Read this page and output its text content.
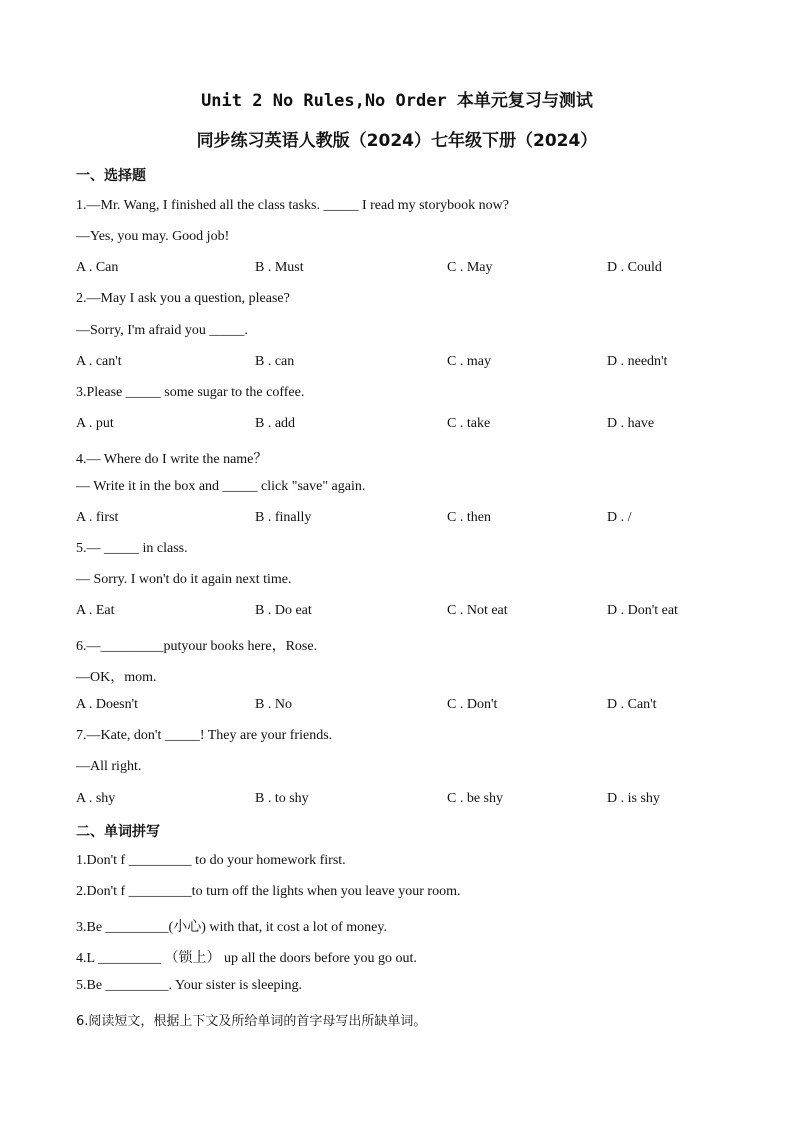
Unit 2 No Rules,No Order 本单元复习与测试
同步练习英语人教版（2024）七年级下册（2024）
一、选择题
1.—Mr. Wang, I finished all the class tasks. _____ I read my storybook now?
—Yes, you may. Good job!
A . Can	B . Must	C . May	D . Could
2.—May I ask you a question, please?
—Sorry, I'm afraid you _____.
A . can't	B . can	C . may	D . needn't
3.Please _____ some sugar to the coffee.
A . put	B . add	C . take	D . have
4.— Where do I write the name？
— Write it in the box and _____ click "save" again.
A . first	B . finally	C . then	D . /
5.— _____ in class.
— Sorry. I won't do it again next time.
A . Eat	B . Do eat	C . Not eat	D . Don't eat
6.—_________putyour books here，Rose.
—OK，mom.
A . Doesn't	B . No	C . Don't	D . Can't
7.—Kate, don't _____! They are your friends.
—All right.
A . shy	B . to shy	C . be shy	D . is shy
二、单词拼写
1.Don't f _________ to do your homework first.
2.Don't f _________to turn off the lights when you leave your room.
3.Be _________(小心) with that, it cost a lot of money.
4.L _________ （锁上） up all the doors before you go out.
5.Be _________. Your sister is sleeping.
6.阅读短文，根据上下文及所给单词的首字母写出所缺单词。
